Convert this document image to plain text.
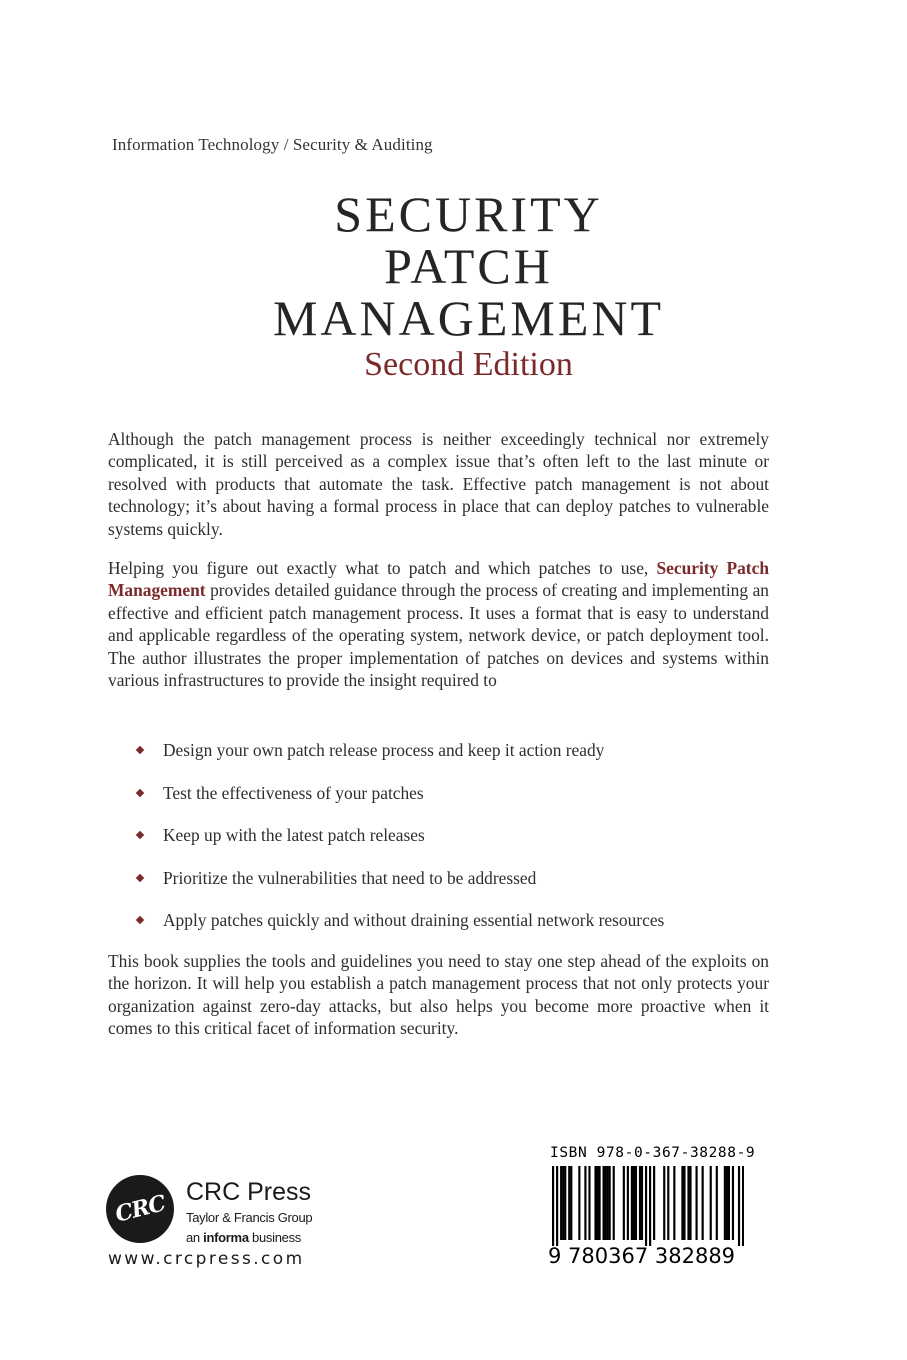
Information Technology / Security & Auditing
SECURITY
PATCH
MANAGEMENT
Second Edition
Although the patch management process is neither exceedingly technical nor extremely complicated, it is still perceived as a complex issue that’s often left to the last minute or resolved with products that automate the task. Effective patch management is not about technology; it’s about having a formal process in place that can deploy patches to vulnerable systems quickly.
Helping you figure out exactly what to patch and which patches to use, Security Patch Management provides detailed guidance through the process of creating and implementing an effective and efficient patch management process. It uses a format that is easy to understand and applicable regardless of the operating system, network device, or patch deployment tool. The author illustrates the proper implementation of patches on devices and systems within various infrastructures to provide the insight required to
Design your own patch release process and keep it action ready
Test the effectiveness of your patches
Keep up with the latest patch releases
Prioritize the vulnerabilities that need to be addressed
Apply patches quickly and without draining essential network resources
This book supplies the tools and guidelines you need to stay one step ahead of the exploits on the horizon. It will help you establish a patch management process that not only protects your organization against zero-day attacks, but also helps you become more proactive when it comes to this critical facet of information security.
CRC CRC Press
Taylor & Francis Group
an informa business
www.crcpress.com
ISBN 978-0-367-38288-9
9 780367 382889
